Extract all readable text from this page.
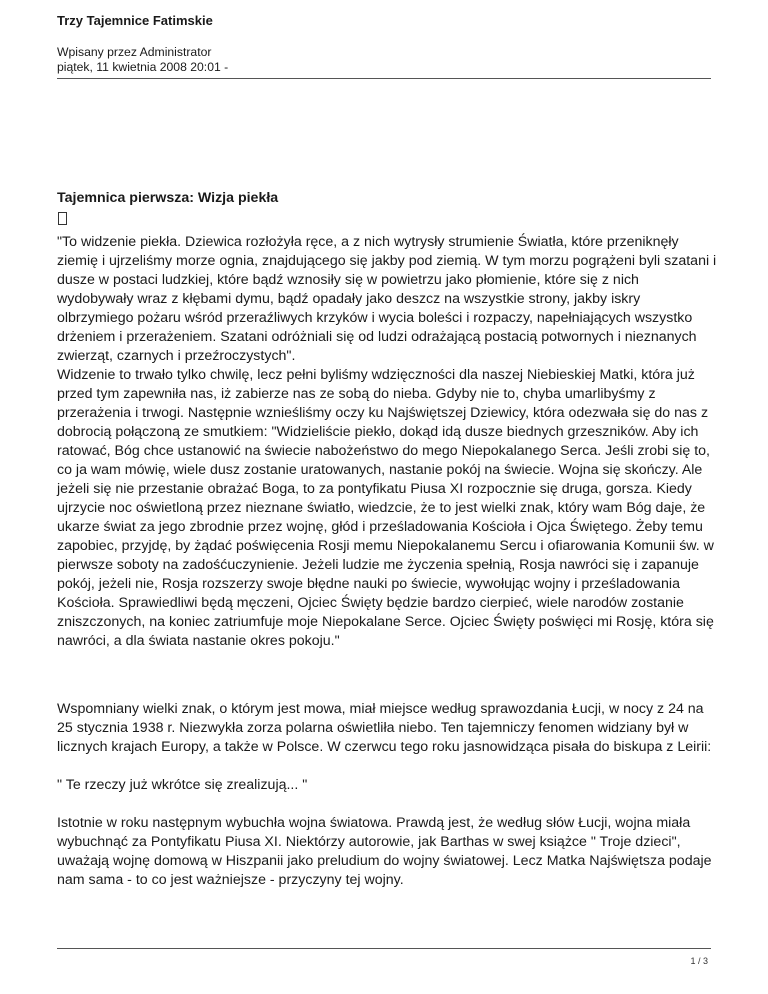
Trzy Tajemnice Fatimskie
Wpisany przez Administrator
piątek, 11 kwietnia 2008 20:01 -
Tajemnica pierwsza: Wizja piekła

"To widzenie piekła. Dziewica rozłożyła ręce, a z nich wytrysły strumienie Światła, które przeniknęły ziemię i ujrzeliśmy morze ognia, znajdującego się jakby pod ziemią. W tym morzu pogrążeni byli szatani i dusze w postaci ludzkiej, które bądź wznosiły się w powietrzu jako płomienie, które się z nich wydobywały wraz z kłębami dymu, bądź opadały jako deszcz na wszystkie strony, jakby iskry olbrzymiego pożaru wśród przeraźliwych krzyków i wycia boleści i rozpaczy, napełniających wszystko drżeniem i przerażeniem. Szatani odróżniali się od ludzi odrażającą postacią potwornych i nieznanych zwierząt, czarnych i przeźroczystych".

Widzenie to trwało tylko chwilę, lecz pełni byliśmy wdzięczności dla naszej Niebieskiej Matki, która już przed tym zapewniła nas, iż zabierze nas ze sobą do nieba. Gdyby nie to, chyba umarlibyśmy z przerażenia i trwogi. Następnie wznieśliśmy oczy ku Najświętszej Dziewicy, która odezwała się do nas z dobrocią połączoną ze smutkiem: "Widzieliście piekło, dokąd idą dusze biednych grzeszników. Aby ich ratować, Bóg chce ustanowić na świecie nabożeństwo do mego Niepokalanego Serca. Jeśli zrobi się to, co ja wam mówię, wiele dusz zostanie uratowanych, nastanie pokój na świecie. Wojna się skończy. Ale jeżeli się nie przestanie obrażać Boga, to za pontyfikatu Piusa XI rozpocznie się druga, gorsza. Kiedy ujrzycie noc oświetloną przez nieznane światło, wiedzcie, że to jest wielki znak, który wam Bóg daje, że ukarze świat za jego zbrodnie przez wojnę, głód i prześladowania Kościoła i Ojca Świętego. Żeby temu zapobiec, przyjdę, by żądać poświęcenia Rosji memu Niepokalanemu Sercu i ofiarowania Komunii św. w pierwsze soboty na zadośćuczynienie. Jeżeli ludzie me życzenia spełnią, Rosja nawróci się i zapanuje pokój, jeżeli nie, Rosja rozszerzy swoje błędne nauki po świecie, wywołując wojny i prześladowania Kościoła. Sprawiedliwi będą męczeni, Ojciec Święty będzie bardzo cierpieć, wiele narodów zostanie zniszczonych, na koniec zatriumfuje moje Niepokalane Serce. Ojciec Święty poświęci mi Rosję, która się nawróci, a dla świata nastanie okres pokoju."

Wspomniany wielki znak, o którym jest mowa, miał miejsce według sprawozdania Łucji, w nocy z 24 na 25 stycznia 1938 r. Niezwykła zorza polarna oświetliła niebo. Ten tajemniczy fenomen widziany był w licznych krajach Europy, a także w Polsce. W czerwcu tego roku jasnowidząca pisała do biskupa z Leirii:

" Te rzeczy już wkrótce się zrealizują... "

Istotnie w roku następnym wybuchła wojna światowa. Prawdą jest, że według słów Łucji, wojna miała wybuchnąć za Pontyfikatu Piusa XI. Niektórzy autorowie, jak Barthas w swej książce " Troje dzieci", uważają wojnę domową w Hiszpanii jako preludium do wojny światowej. Lecz Matka Najświętsza podaje nam sama - to co jest ważniejsze - przyczyny tej wojny.

1 / 3
